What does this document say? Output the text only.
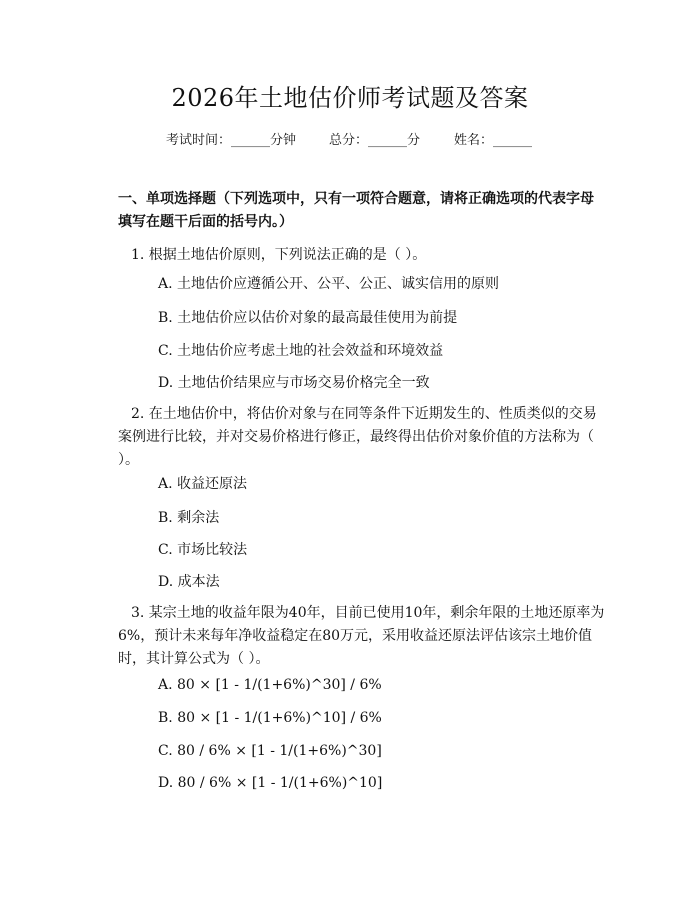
2026年土地估价师考试题及答案
考试时间：______分钟	总分：______分	姓名：______
一、单项选择题（下列选项中，只有一项符合题意，请将正确选项的代表字母填写在题干后面的括号内。）
1. 根据土地估价原则，下列说法正确的是（ ）。
A. 土地估价应遵循公开、公平、公正、诚实信用的原则
B. 土地估价应以估价对象的最高最佳使用为前提
C. 土地估价应考虑土地的社会效益和环境效益
D. 土地估价结果应与市场交易价格完全一致
2. 在土地估价中，将估价对象与在同等条件下近期发生的、性质类似的交易案例进行比较，并对交易价格进行修正，最终得出估价对象价值的方法称为（ ）。
A. 收益还原法
B. 剩余法
C. 市场比较法
D. 成本法
3. 某宗土地的收益年限为40年，目前已使用10年，剩余年限的土地还原率为6%，预计未来每年净收益稳定在80万元，采用收益还原法评估该宗土地价值时，其计算公式为（ ）。
A. 80 × [1 - 1/(1+6%)^30] / 6%
B. 80 × [1 - 1/(1+6%)^10] / 6%
C. 80 / 6% × [1 - 1/(1+6%)^30]
D. 80 / 6% × [1 - 1/(1+6%)^10]
